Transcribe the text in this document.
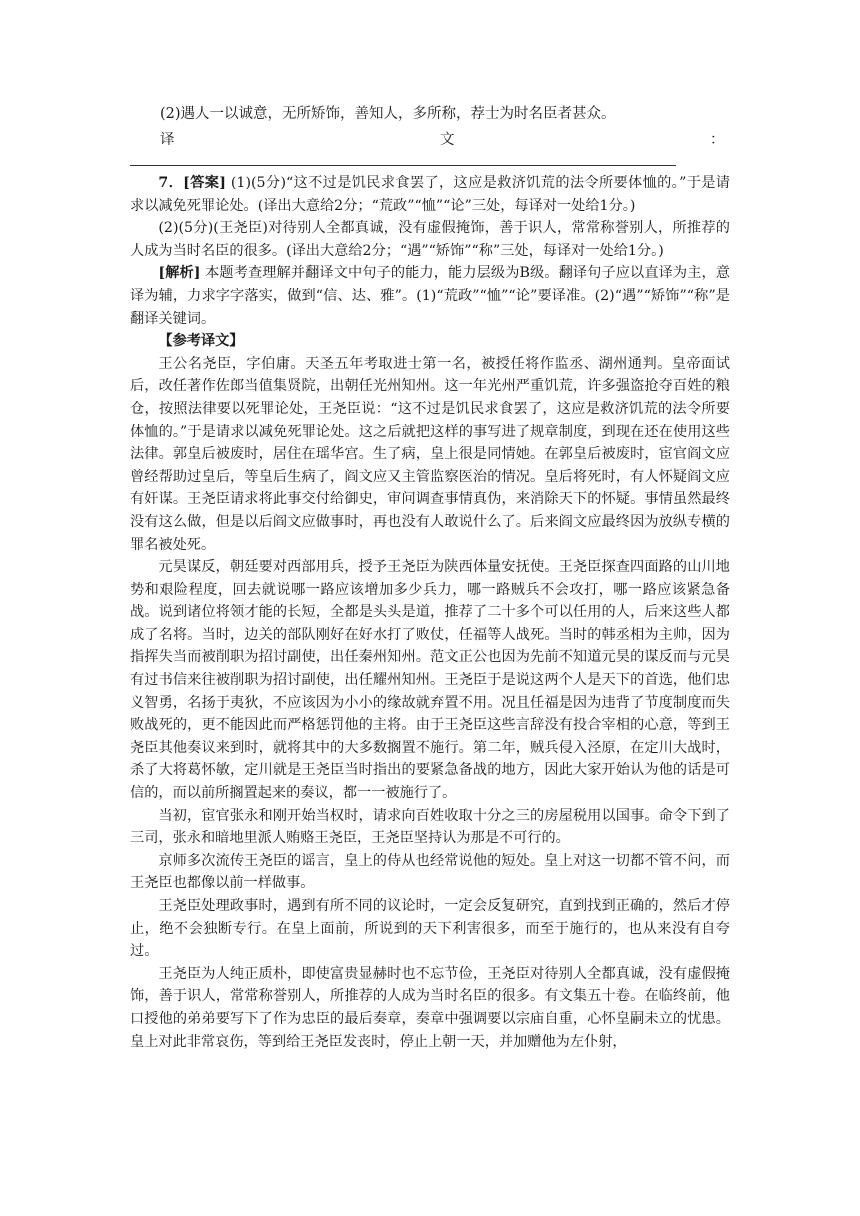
(2)遇人一以诚意，无所矫饰，善知人，多所称，荐士为时名臣者甚众。
译	文	：

7．[答案] (1)(5分)“这不过是饥民求食罢了，这应是救济饥荒的法令所要体恤的。”于是请求以减免死罪论处。(译出大意给2分；“荒政”“恤”“论”三处，每译对一处给1分。)

(2)(5分)(王尧臣)对待别人全都真诚，没有虚假掩饰，善于识人，常常称誉别人，所推荐的人成为当时名臣的很多。(译出大意给2分；“遇”“矫饰”“称”三处，每译对一处给1分。)

[解析] 本题考查理解并翻译文中句子的能力，能力层级为B级。翻译句子应以直译为主，意译为辅，力求字字落实，做到“信、达、雅”。(1)“荒政”“恤”“论”要译准。(2)“遇”“矫饰”“称”是翻译关键词。

【参考译文】

王公名尧臣，字伯庸。天圣五年考取进士第一名，被授任将作监丞、湖州通判。皇帝面试后，改任著作佐郎当值集贤院，出朝任光州知州。这一年光州严重饥荒，许多强盗抢夺百姓的粮仓，按照法律要以死罪论处，王尧臣说：“这不过是饥民求食罢了，这应是救济饥荒的法令所要体恤的。”于是请求以减免死罪论处。这之后就把这样的事写进了规章制度，到现在还在使用这些法律。郭皇后被废时，居住在瑶华宫。生了病，皇上很是同情她。在郭皇后被废时，宦官阎文应曾经帮助过皇后，等皇后生病了，阎文应又主管监察医治的情况。皇后将死时，有人怀疑阎文应有奸谋。王尧臣请求将此事交付给御史，审问调查事情真伪，来消除天下的怀疑。事情虽然最终没有这么做，但是以后阎文应做事时，再也没有人敢说什么了。后来阎文应最终因为放纵专横的罪名被处死。

元昊谋反，朝廷要对西部用兵，授予王尧臣为陕西体量安抚使。王尧臣探查四面路的山川地势和艰险程度，回去就说哪一路应该增加多少兵力，哪一路贼兵不会攻打，哪一路应该紧急备战。说到诸位将领才能的长短，全都是头头是道，推荐了二十多个可以任用的人，后来这些人都成了名将。当时，边关的部队刚好在好水打了败仗，任福等人战死。当时的韩丞相为主帅，因为指挥失当而被削职为招讨副使，出任秦州知州。范文正公也因为先前不知道元昊的谋反而与元昊有过书信来往被削职为招讨副使，出任耀州知州。王尧臣于是说这两个人是天下的首选，他们忠义智勇，名扬于夷狄，不应该因为小小的缘故就弃置不用。况且任福是因为违背了节度制度而失败战死的，更不能因此而严格惩罚他的主将。由于王尧臣这些言辞没有投合宰相的心意，等到王尧臣其他奏议来到时，就将其中的大多数搁置不施行。第二年，贼兵侵入泾原，在定川大战时，杀了大将葛怀敏，定川就是王尧臣当时指出的要紧急备战的地方，因此大家开始认为他的话是可信的，而以前所搁置起来的奏议，都一一被施行了。

当初，宦官张永和刚开始当权时，请求向百姓收取十分之三的房屋税用以国事。命令下到了三司，张永和暗地里派人贿赂王尧臣，王尧臣坚持认为那是不可行的。

京师多次流传王尧臣的谣言，皇上的侍从也经常说他的短处。皇上对这一切都不管不问，而王尧臣也都像以前一样做事。

王尧臣处理政事时，遇到有所不同的议论时，一定会反复研究，直到找到正确的，然后才停止，绝不会独断专行。在皇上面前，所说到的天下利害很多，而至于施行的，也从来没有自夸过。

王尧臣为人纯正质朴，即使富贵显赫时也不忘节俭，王尧臣对待别人全都真诚，没有虚假掩饰，善于识人，常常称誉别人，所推荐的人成为当时名臣的很多。有文集五十卷。在临终前，他口授他的弟弟要写下了作为忠臣的最后奏章，奏章中强调要以宗庙自重，心怀皇嗣未立的忧患。皇上对此非常哀伤，等到给王尧臣发丧时，停止上朝一天，并加赠他为左仆射，
